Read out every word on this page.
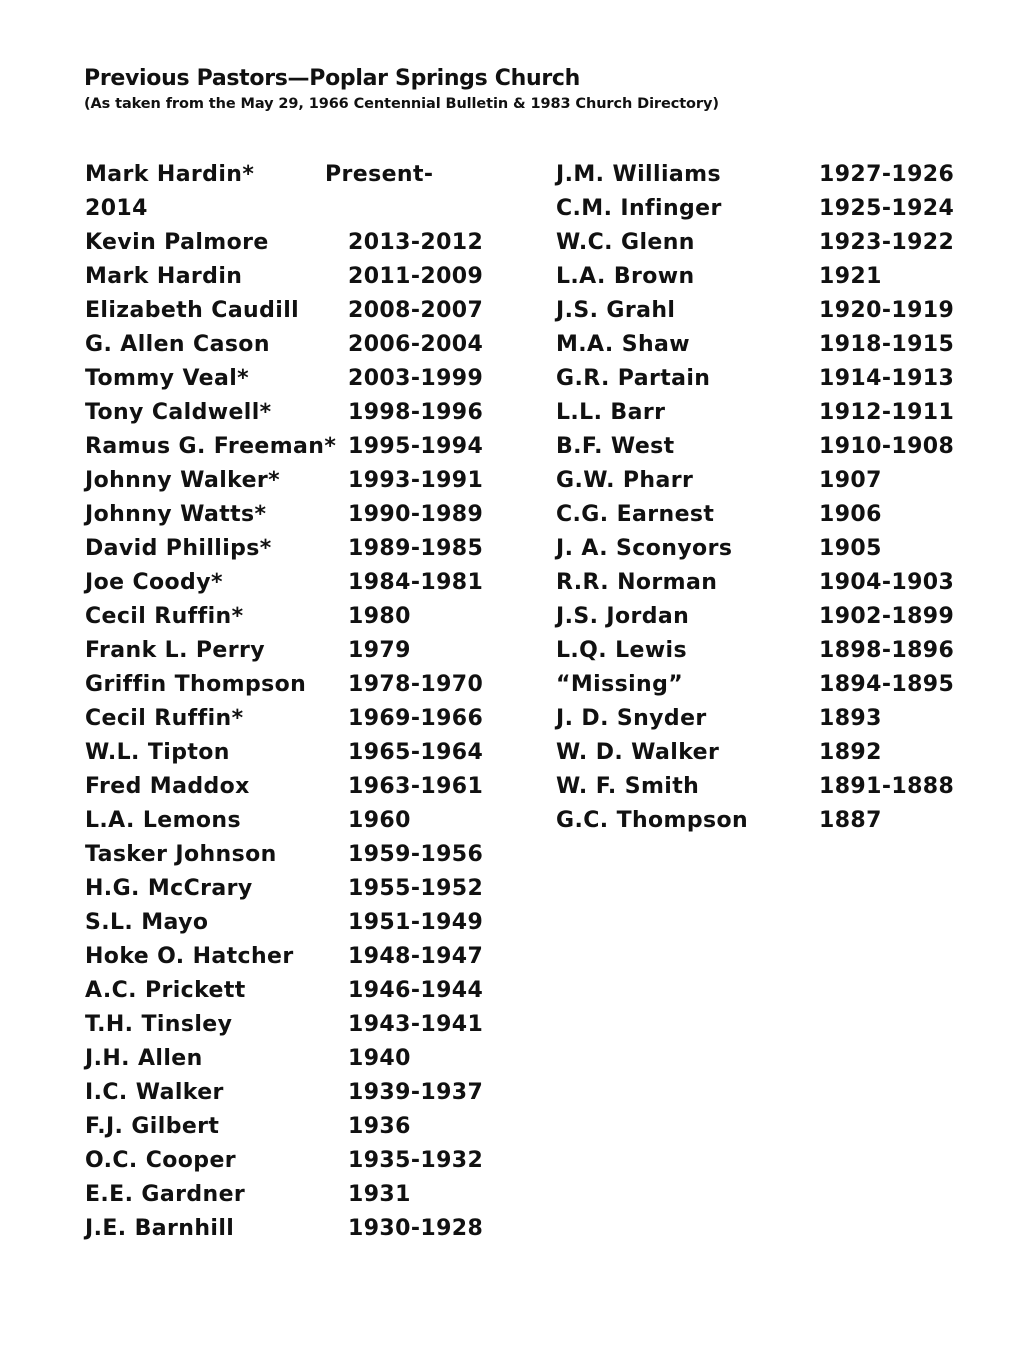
Previous Pastors—Poplar Springs Church
(As taken from the May 29, 1966 Centennial Bulletin & 1983 Church Directory)
Mark Hardin*	Present-
2014
Kevin Palmore	2013-2012
Mark Hardin	2011-2009
Elizabeth Caudill 2008-2007
G. Allen Cason	2006-2004
Tommy Veal*	2003-1999
Tony Caldwell*	1998-1996
Ramus G. Freeman* 1995-1994
Johnny Walker*	1993-1991
Johnny Watts*	1990-1989
David Phillips*	1989-1985
Joe Coody*	1984-1981
Cecil Ruffin*	1980
Frank L. Perry	1979
Griffin Thompson 1978-1970
Cecil Ruffin*	1969-1966
W.L. Tipton	1965-1964
Fred Maddox	1963-1961
L.A. Lemons	1960
Tasker Johnson	1959-1956
H.G. McCrary	1955-1952
S.L. Mayo	1951-1949
Hoke O. Hatcher 1948-1947
A.C. Prickett	1946-1944
T.H. Tinsley	1943-1941
J.H. Allen	1940
I.C. Walker	1939-1937
F.J. Gilbert	1936
O.C. Cooper	1935-1932
E.E. Gardner	1931
J.E. Barnhill	1930-1928
J.M. Williams	1927-1926
C.M. Infinger	1925-1924
W.C. Glenn	1923-1922
L.A. Brown	1921
J.S. Grahl	1920-1919
M.A. Shaw	1918-1915
G.R. Partain	1914-1913
L.L. Barr	1912-1911
B.F. West	1910-1908
G.W. Pharr	1907
C.G. Earnest	1906
J. A. Sconyors	1905
R.R. Norman	1904-1903
J.S. Jordan	1902-1899
L.Q. Lewis	1898-1896
“Missing”	1894-1895
J. D. Snyder	1893
W. D. Walker	1892
W. F. Smith	1891-1888
G.C. Thompson	1887
